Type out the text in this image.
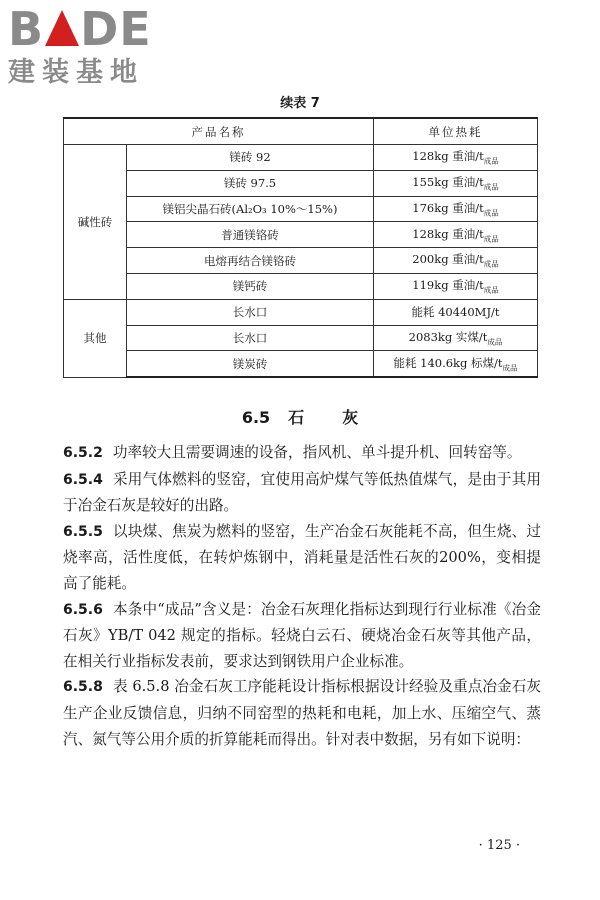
B DE
建装基地
续表 7
产品名称		单位热耗
碱性砖	镁砖 92	128kg 重油$/t_{成品}$
	镁砖 97.5	155kg 重油$/t_{成品}$
	镁铝尖晶石砖(Al₂O₃ 10%～15%)	176kg 重油$/t_{成品}$
	普通镁铬砖	128kg 重油$/t_{成品}$
	电熔再结合镁铬砖	200kg 重油$/t_{成品}$
	镁钙砖	119kg 重油$/t_{成品}$
其他	长水口	能耗 40440MJ/t
	长水口	2083kg 实煤$/t_{成品}$
	镁炭砖	能耗 140.6kg 标煤$/t_{成品}$
6.5 石 灰

6.5.2 功率较大且需要调速的设备，指风机、单斗提升机、回转窑等。

6.5.4 采用气体燃料的竖窑，宜使用高炉煤气等低热值煤气，是由于其用于冶金石灰是较好的出路。

6.5.5 以块煤、焦炭为燃料的竖窑，生产冶金石灰能耗不高，但生烧、过烧率高，活性度低，在转炉炼钢中，消耗量是活性石灰的200%，变相提高了能耗。

6.5.6 本条中“成品”含义是：冶金石灰理化指标达到现行行业标准《冶金石灰》YB/T 042 规定的指标。轻烧白云石、硬烧冶金石灰等其他产品，在相关行业指标发表前，要求达到钢铁用户企业标准。

6.5.8 表 6.5.8 冶金石灰工序能耗设计指标根据设计经验及重点冶金石灰生产企业反馈信息，归纳不同窑型的热耗和电耗，加上水、压缩空气、蒸汽、氮气等公用介质的折算能耗而得出。针对表中数据，另有如下说明：

· 125 ·
